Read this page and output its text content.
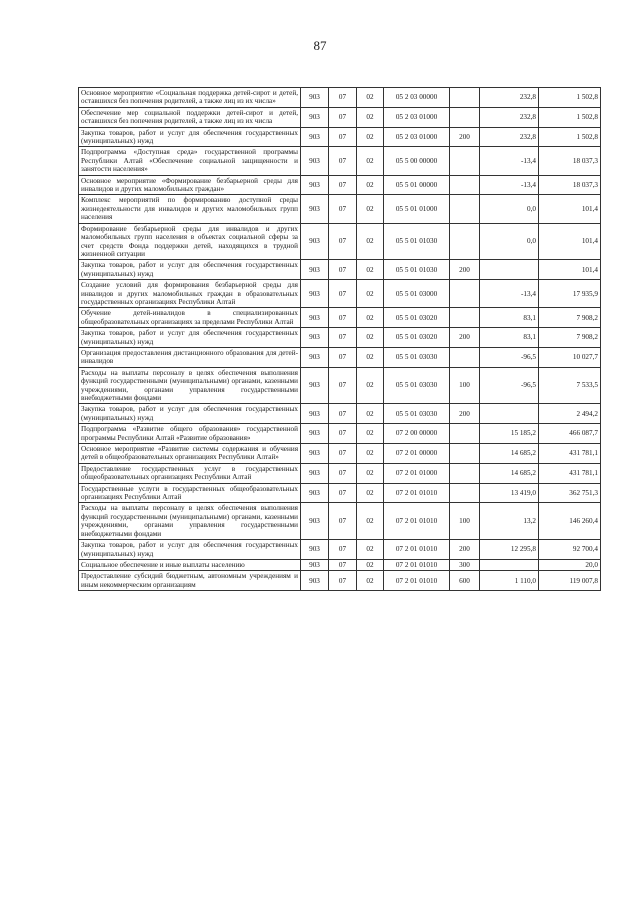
87
Основное мероприятие «Социальная поддержка детей-сирот и детей, оставшихся без попечения родителей, а также лиц из их числа»	903	07	02	05 2 03 00000		232,8	1 502,8
Обеспечение мер социальной поддержки детей-сирот и детей, оставшихся без попечения родителей, а также лиц из их числа	903	07	02	05 2 03 01000		232,8	1 502,8
Закупка товаров, работ и услуг для обеспечения государственных (муниципальных) нужд	903	07	02	05 2 03 01000	200	232,8	1 502,8
Подпрограмма «Доступная среда» государственной программы Республики Алтай «Обеспечение социальной защищенности и занятости населения»	903	07	02	05 5 00 00000		-13,4	18 037,3
Основное мероприятие «Формирование безбарьерной среды для инвалидов и других маломобильных граждан»	903	07	02	05 5 01 00000		-13,4	18 037,3
Комплекс мероприятий по формированию доступной среды жизнедеятельности для инвалидов и других маломобильных групп населения	903	07	02	05 5 01 01000		0,0	101,4
Формирование безбарьерной среды для инвалидов и других маломобильных групп населения в объектах социальной сферы за счет средств Фонда поддержки детей, находящихся в трудной жизненной ситуации	903	07	02	05 5 01 01030		0,0	101,4
Закупка товаров, работ и услуг для обеспечения государственных (муниципальных) нужд	903	07	02	05 5 01 01030	200		101,4
Создание условий для формирования безбарьерной среды для инвалидов и других маломобильных граждан в образовательных государственных организациях Республики Алтай	903	07	02	05 5 01 03000		-13,4	17 935,9
Обучение детей-инвалидов в специализированных общеобразовательных организациях за пределами Республики Алтай	903	07	02	05 5 01 03020		83,1	7 908,2
Закупка товаров, работ и услуг для обеспечения государственных (муниципальных) нужд	903	07	02	05 5 01 03020	200	83,1	7 908,2
Организация предоставления дистанционного образования для детей-инвалидов	903	07	02	05 5 01 03030		-96,5	10 027,7
Расходы на выплаты персоналу в целях обеспечения выполнения функций государственными (муниципальными) органами, казенными учреждениями, органами управления государственными внебюджетными фондами	903	07	02	05 5 01 03030	100	-96,5	7 533,5
Закупка товаров, работ и услуг для обеспечения государственных (муниципальных) нужд	903	07	02	05 5 01 03030	200		2 494,2
Подпрограмма «Развитие общего образования» государственной программы Республики Алтай «Развитие образования»	903	07	02	07 2 00 00000		15 185,2	466 087,7
Основное мероприятие «Развитие системы содержания и обучения детей в общеобразовательных организациях Республики Алтай»	903	07	02	07 2 01 00000		14 685,2	431 781,1
Предоставление государственных услуг в государственных общеобразовательных организациях Республики Алтай	903	07	02	07 2 01 01000		14 685,2	431 781,1
Государственные услуги в государственных общеобразовательных организациях Республики Алтай	903	07	02	07 2 01 01010		13 419,0	362 751,3
Расходы на выплаты персоналу в целях обеспечения выполнения функций государственными (муниципальными) органами, казенными учреждениями, органами управления государственными внебюджетными фондами	903	07	02	07 2 01 01010	100	13,2	146 260,4
Закупка товаров, работ и услуг для обеспечения государственных (муниципальных) нужд	903	07	02	07 2 01 01010	200	12 295,8	92 700,4
Социальное обеспечение и иные выплаты населению	903	07	02	07 2 01 01010	300		20,0
Предоставление субсидий бюджетным, автономным учреждениям и иным некоммерческим организациям	903	07	02	07 2 01 01010	600	1 110,0	119 007,8
